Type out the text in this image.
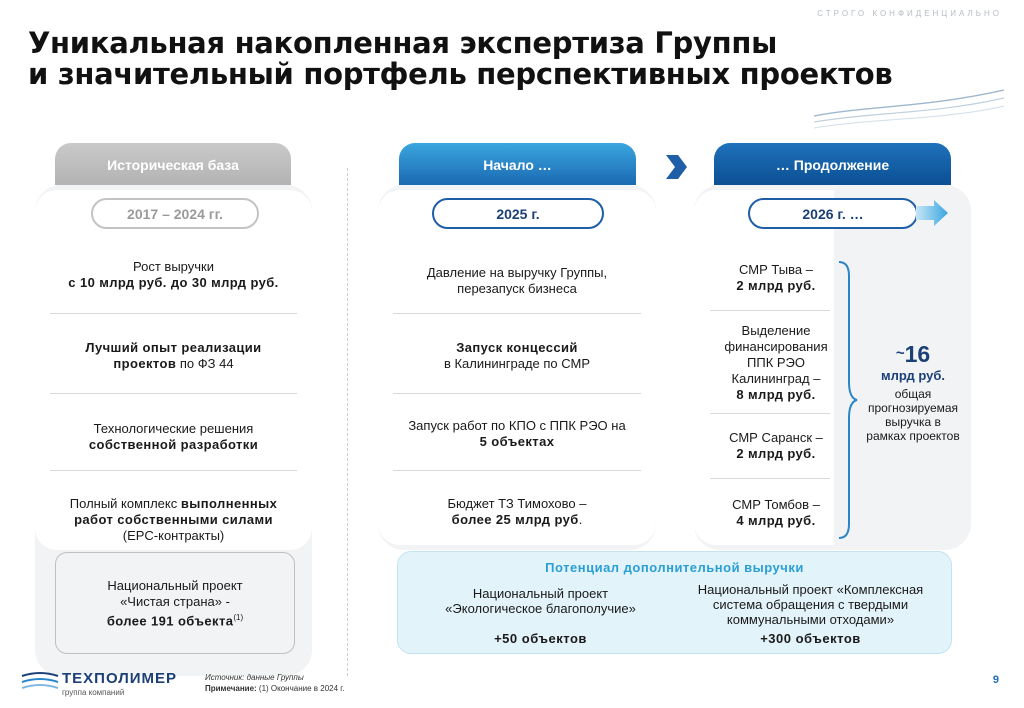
СТРОГО КОНФИДЕНЦИАЛЬНО
Уникальная накопленная экспертиза Группы
и значительный портфель перспективных проектов
Историческая база
2017 – 2024 гг.
Рост выручки
с 10 млрд руб. до 30 млрд руб.
Лучший опыт реализации
проектов по ФЗ 44
Технологические решения
собственной разработки
Полный комплекс выполненных
работ собственными силами
(EPC-контракты)
Национальный проект
«Чистая страна» -
более 191 объекта$^{(1)}$
Начало …
2025 г.
Давление на выручку Группы,
перезапуск бизнеса
Запуск концессий
в Калининграде по СМР
Запуск работ по КПО с ППК РЭО на
5 объектах
Бюджет ТЗ Тимохово –
более 25 млрд руб.
… Продолжение
2026 г. …
СМР Тыва –
2 млрд руб.
Выделение
финансирования
ППК РЭО
Калининград –
8 млрд руб.
СМР Саранск –
2 млрд руб.
СМР Томбов –
4 млрд руб.
~16
млрд руб.
общая
прогнозируемая
выручка в
рамках проектов
Потенциал дополнительной выручки
Национальный проект
«Экологическое благополучие»
+50 объектов
Национальный проект «Комплексная
система обращения с твердыми
коммунальными отходами»
+300 объектов
ТЕХПОЛИМЕР
группа компаний
Источник: данные Группы
Примечание: (1) Окончание в 2024 г.
9
